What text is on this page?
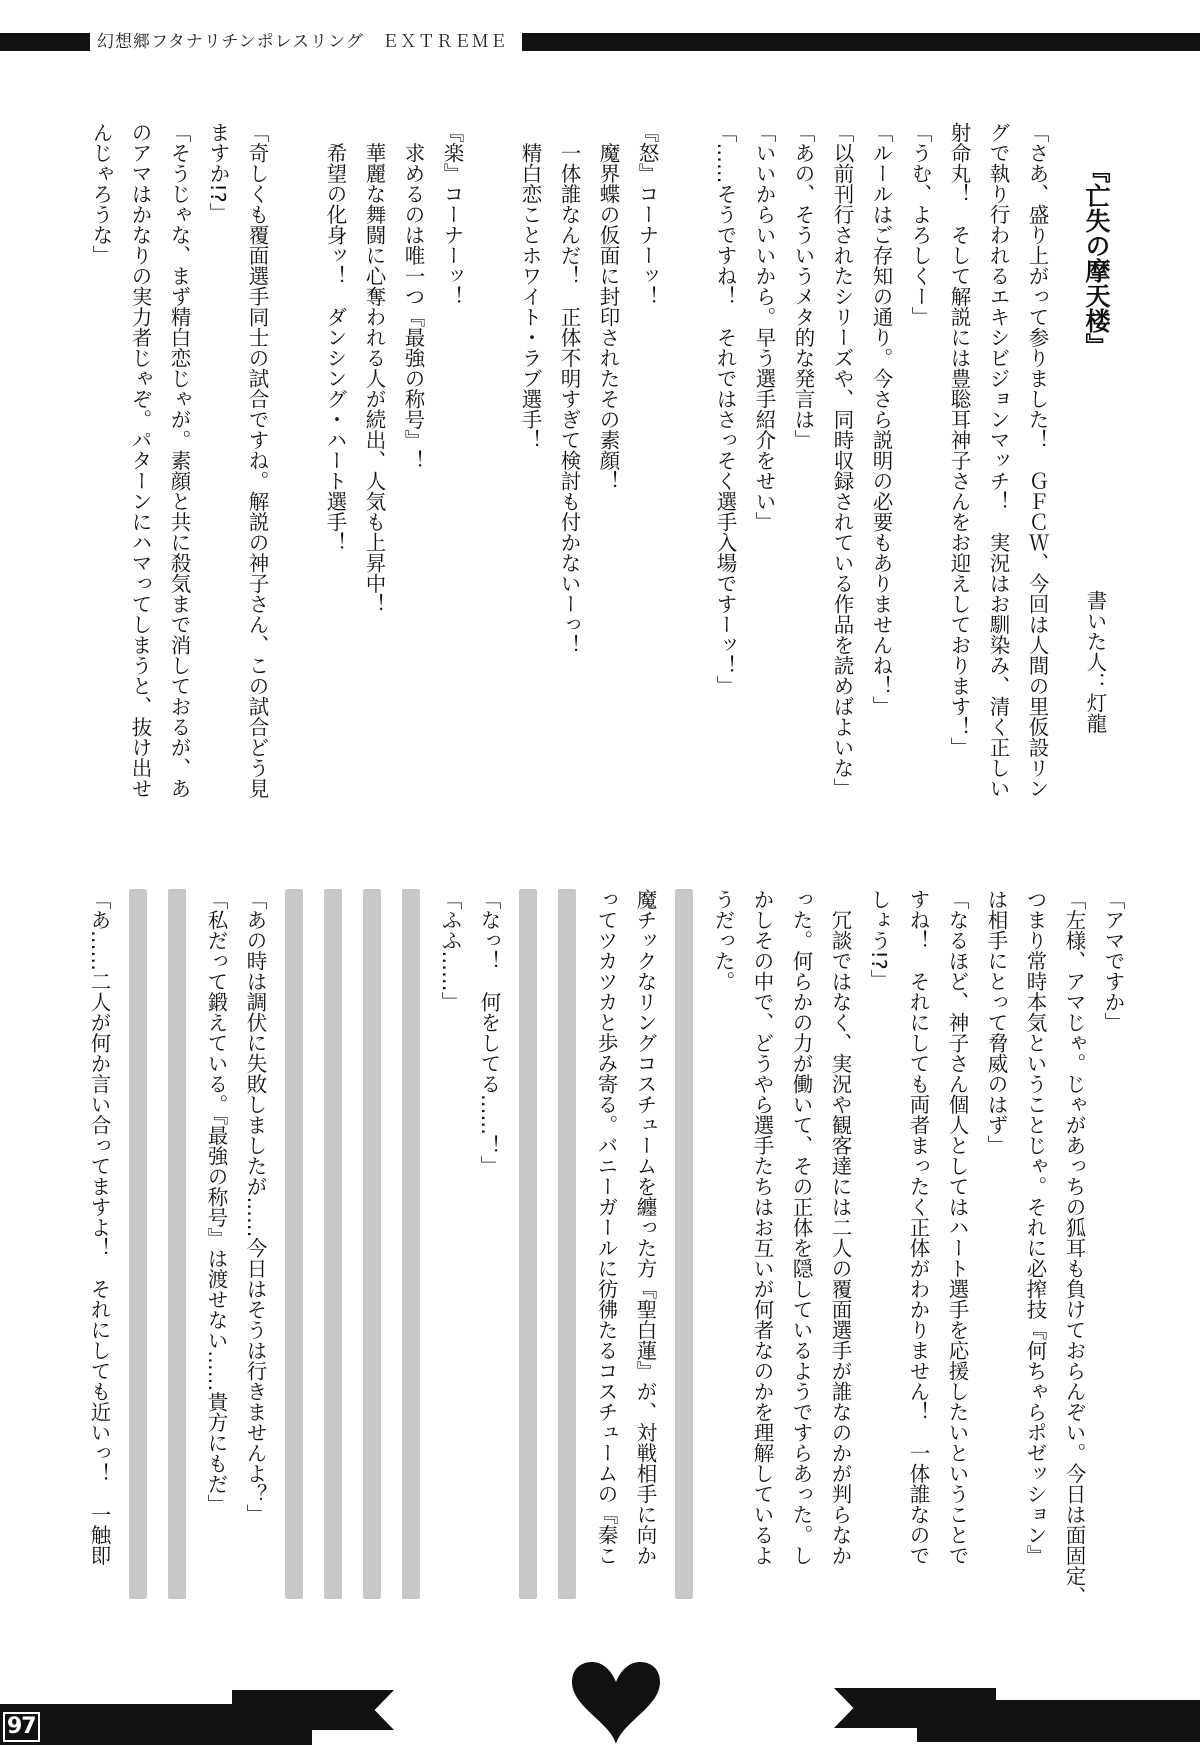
幻想郷フタナリチンポレスリング　ＥＸＴＲＥＭＥ
『亡失の摩天楼』
書いた人：灯龍
「さあ、盛り上がって参りました！　ＧＦＣＷ、今回は人間の里仮設リン
グで執り行われるエキシビジョンマッチ！　実況はお馴染み、清く正しい
射命丸！　そして解説には豊聡耳神子さんをお迎えしております！」
「うむ、よろしくー」
「ルールはご存知の通り。今さら説明の必要もありませんね！」
「以前刊行されたシリーズや、同時収録されている作品を読めばよいな」
「あの、そういうメタ的な発言は」
「いいからいいから。早う選手紹介をせい」
「……そうですね！　それではさっそく選手入場ですーッ！」
『怒』コーナーッ！
　魔界蝶の仮面に封印されたその素顔！
　一体誰なんだ！　正体不明すぎて検討も付かないーっ！
　精白恋ことホワイト・ラブ選手！
『楽』コーナーッ！
　求めるのは唯一つ『最強の称号』！
　華麗な舞闘に心奪われる人が続出、人気も上昇中！
　希望の化身ッ！　ダンシング・ハート選手！
「奇しくも覆面選手同士の試合ですね。解説の神子さん、この試合どう見
ますか!?」
「そうじゃな、まず精白恋じゃが。素顔と共に殺気まで消しておるが、あ
のアマはかなりの実力者じゃぞ。パターンにハマってしまうと、抜け出せ
んじゃろうな」
「アマですか」
「左様、アマじゃ。じゃがあっちの狐耳も負けておらんぞい。今日は面固定、
つまり常時本気ということじゃ。それに必搾技『何ちゃらポゼッション』
は相手にとって脅威のはず」
「なるほど、神子さん個人としてはハート選手を応援したいということで
すね！　それにしても両者まったく正体がわかりません！　一体誰なので
しょう!?」
　冗談ではなく、実況や観客達には二人の覆面選手が誰なのかが判らなか
った。何らかの力が働いて、その正体を隠しているようですらあった。し
かしその中で、どうやら選手たちはお互いが何者なのかを理解しているよ
うだった。
魔チックなリングコスチュームを纏った方『聖白蓮』が、対戦相手に向か
ってツカツカと歩み寄る。バニーガールに彷彿たるコスチュームの『秦こ
「なっ！　何をしてる……！」
「ふふ……」
「あの時は調伏に失敗しましたが……今日はそうは行きませんよ？」
「私だって鍛えている。『最強の称号』は渡せない……貴方にもだ」
「あ……二人が何か言い合ってますよ！　それにしても近いっ！　一触即
97
